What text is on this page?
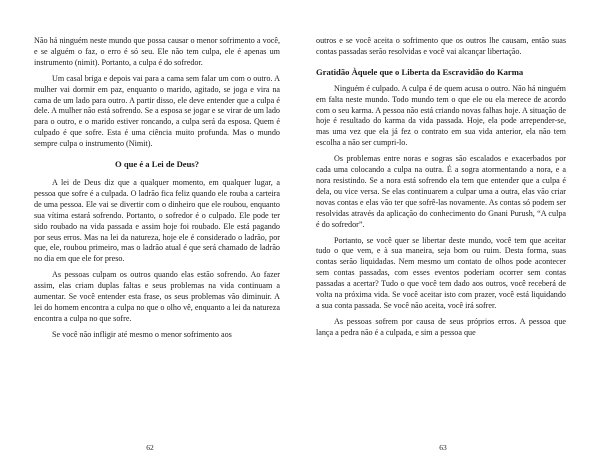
Não há ninguém neste mundo que possa causar o menor sofrimento a você, e se alguém o faz, o erro é só seu. Ele não tem culpa, ele é apenas um instrumento (nimit). Portanto, a culpa é do sofredor.

Um casal briga e depois vai para a cama sem falar um com o outro. A mulher vai dormir em paz, enquanto o marido, agitado, se joga e vira na cama de um lado para outro. A partir disso, ele deve entender que a culpa é dele. A mulher não está sofrendo. Se a esposa se jogar e se virar de um lado para o outro, e o marido estiver roncando, a culpa será da esposa. Quem é culpado é que sofre. Esta é uma ciência muito profunda. Mas o mundo sempre culpa o instrumento (Nimit).

O que é a Lei de Deus?

A lei de Deus diz que a qualquer momento, em qualquer lugar, a pessoa que sofre é a culpada. O ladrão fica feliz quando ele rouba a carteira de uma pessoa. Ele vai se divertir com o dinheiro que ele roubou, enquanto sua vítima estará sofrendo. Portanto, o sofredor é o culpado. Ele pode ter sido roubado na vida passada e assim hoje foi roubado. Ele está pagando por seus erros. Mas na lei da natureza, hoje ele é considerado o ladrão, por que, ele, roubou primeiro, mas o ladrão atual é que será chamado de ladrão no dia em que ele for preso.

As pessoas culpam os outros quando elas estão sofrendo. Ao fazer assim, elas criam duplas faltas e seus problemas na vida continuam a aumentar. Se você entender esta frase, os seus problemas vão diminuir. A lei do homem encontra a culpa no que o olho vê, enquanto a lei da natureza encontra a culpa no que sofre.

Se você não infligir até mesmo o menor sofrimento aos

62

outros e se você aceita o sofrimento que os outros lhe causam, então suas contas passadas serão resolvidas e você vai alcançar libertação.

Gratidão Àquele que o Liberta da Escravidão do Karma

Ninguém é culpado. A culpa é de quem acusa o outro. Não há ninguém em falta neste mundo. Todo mundo tem o que ele ou ela merece de acordo com o seu karma. A pessoa não está criando novas falhas hoje. A situação de hoje é resultado do karma da vida passada. Hoje, ela pode arrepender-se, mas uma vez que ela já fez o contrato em sua vida anterior, ela não tem escolha a não ser cumpri-lo.

Os problemas entre noras e sogras são escalados e exacerbados por cada uma colocando a culpa na outra. É a sogra atormentando a nora, e a nora resistindo. Se a nora está sofrendo ela tem que entender que a culpa é dela, ou vice versa. Se elas continuarem a culpar uma a outra, elas vão criar novas contas e elas vão ter que sofrê-las novamente. As contas só podem ser resolvidas através da aplicação do conhecimento do Gnani Purush, “A culpa é do sofredor”.

Portanto, se você quer se libertar deste mundo, você tem que aceitar tudo o que vem, e à sua maneira, seja bom ou ruim. Desta forma, suas contas serão liquidadas. Nem mesmo um contato de olhos pode acontecer sem contas passadas, com esses eventos poderiam ocorrer sem contas passadas a acertar? Tudo o que você tem dado aos outros, você receberá de volta na próxima vida. Se você aceitar isto com prazer, você está liquidando a sua conta passada. Se você não aceita, você irá sofrer.

As pessoas sofrem por causa de seus próprios erros. A pessoa que lança a pedra não é a culpada, e sim a pessoa que

63
